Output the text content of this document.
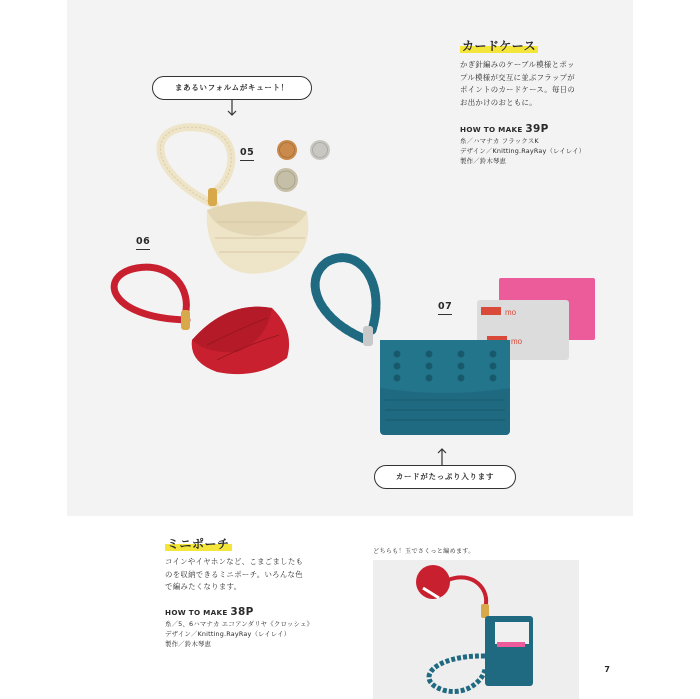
mo
mo
カードケース
かぎ針編みのケーブル模様とポッ
プル模様が交互に並ぶフラップが
ポイントのカードケース。毎日の
お出かけのおともに。
HOW TO MAKE 39P
糸／ハマナカ フラックスK
デザイン／Knitting.RayRay（レイレイ）
製作／鈴木琴恵
まあるいフォルムがキュート！
カードがたっぷり入ります
05
06
07
ミニポーチ
コインやイヤホンなど、こまごましたも
のを収納できるミニポーチ。いろんな色
で編みたくなります。
HOW TO MAKE 38P
糸／5、6ハマナカ エコアンダリヤ《クロッシェ》
デザイン／Knitting.RayRay（レイレイ）
製作／鈴木琴恵
どちらも！玉でさくっと編めます。
7
